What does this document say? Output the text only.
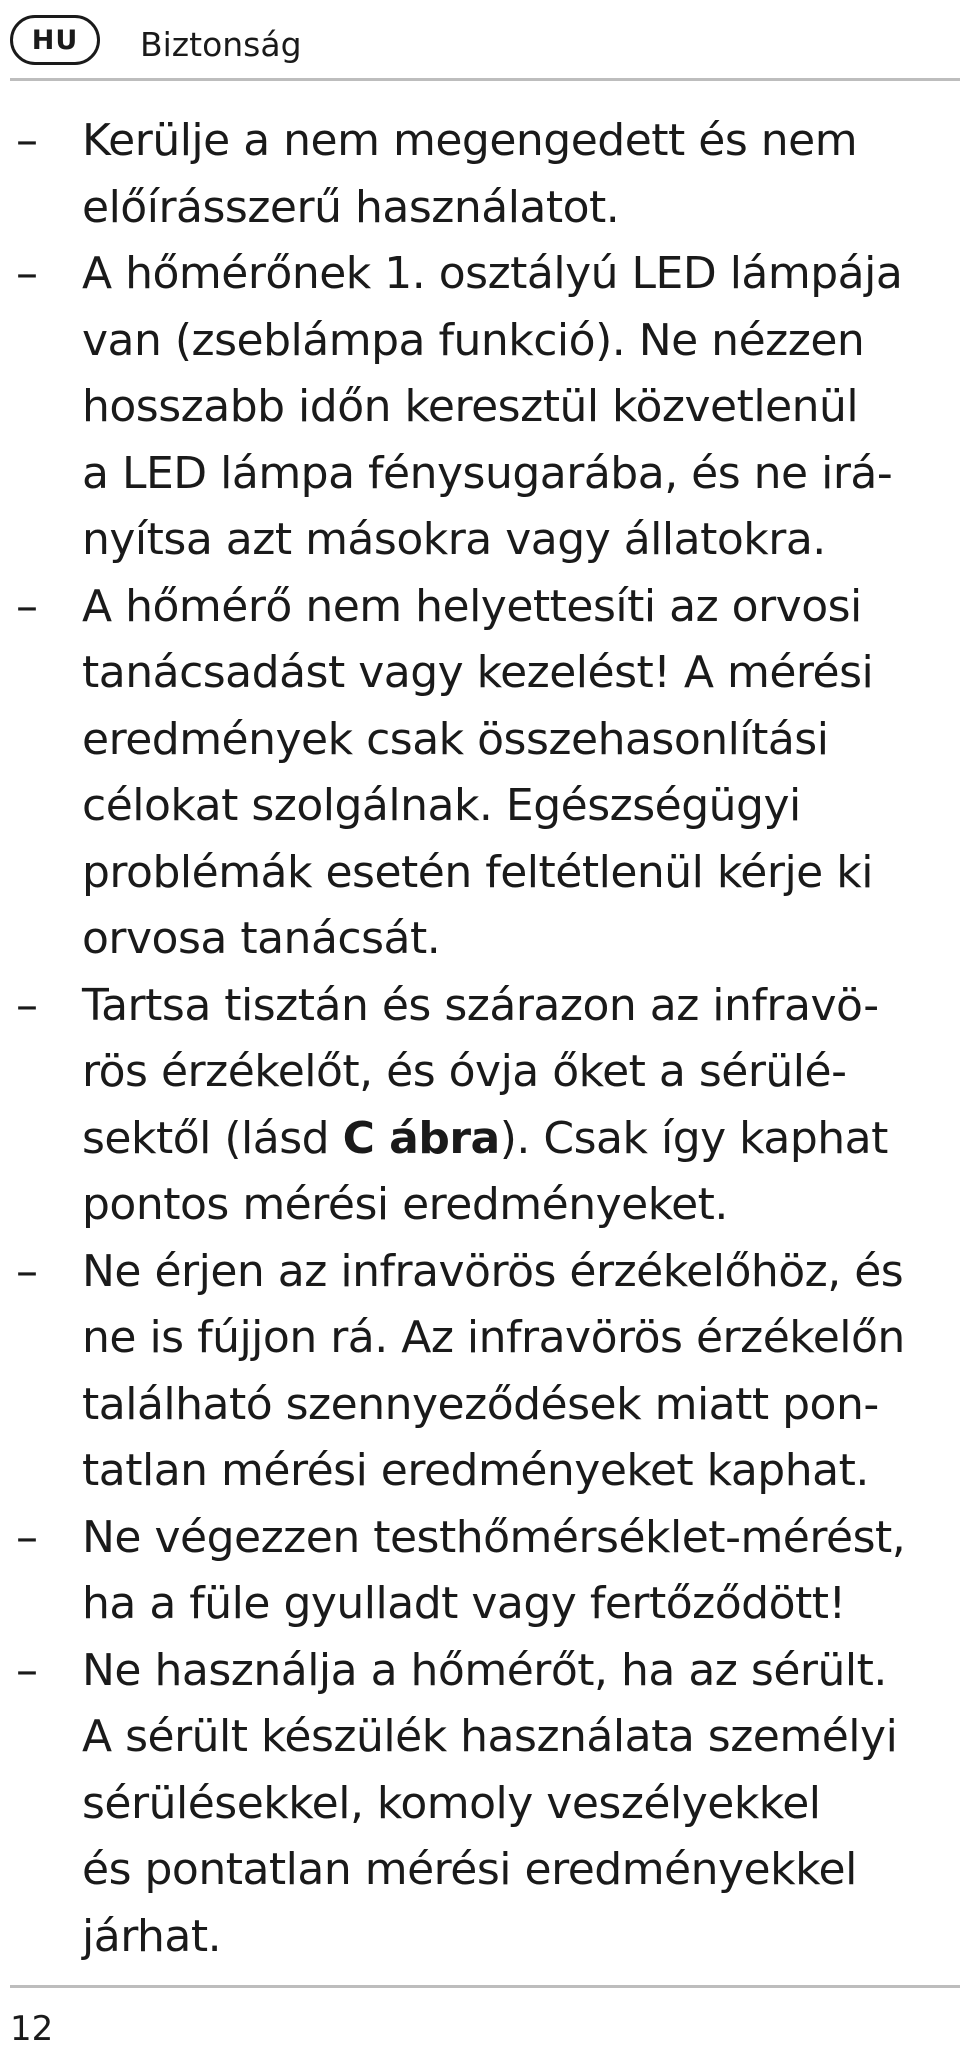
HU	Biztonság
– Kerülje a nem megengedett és nem
előírásszerű használatot.
– A hőmérőnek 1. osztályú LED lámpája
van (zseblámpa funkció). Ne nézzen
hosszabb időn keresztül közvetlenül
a LED lámpa fénysugarába, és ne irá-
nyítsa azt másokra vagy állatokra.
– A hőmérő nem helyettesíti az orvosi
tanácsadást vagy kezelést! A mérési
eredmények csak összehasonlítási
célokat szolgálnak. Egészségügyi
problémák esetén feltétlenül kérje ki
orvosa tanácsát.
– Tartsa tisztán és szárazon az infravö-
rös érzékelőt, és óvja őket a sérülé-
sektől (lásd C ábra). Csak így kaphat
pontos mérési eredményeket.
– Ne érjen az infravörös érzékelőhöz, és
ne is fújjon rá. Az infravörös érzékelőn
található szennyeződések miatt pon-
tatlan mérési eredményeket kaphat.
– Ne végezzen testhőmérséklet-mérést,
ha a füle gyulladt vagy fertőződött!
– Ne használja a hőmérőt, ha az sérült.
A sérült készülék használata személyi
sérülésekkel, komoly veszélyekkel
és pontatlan mérési eredményekkel
járhat.
12
